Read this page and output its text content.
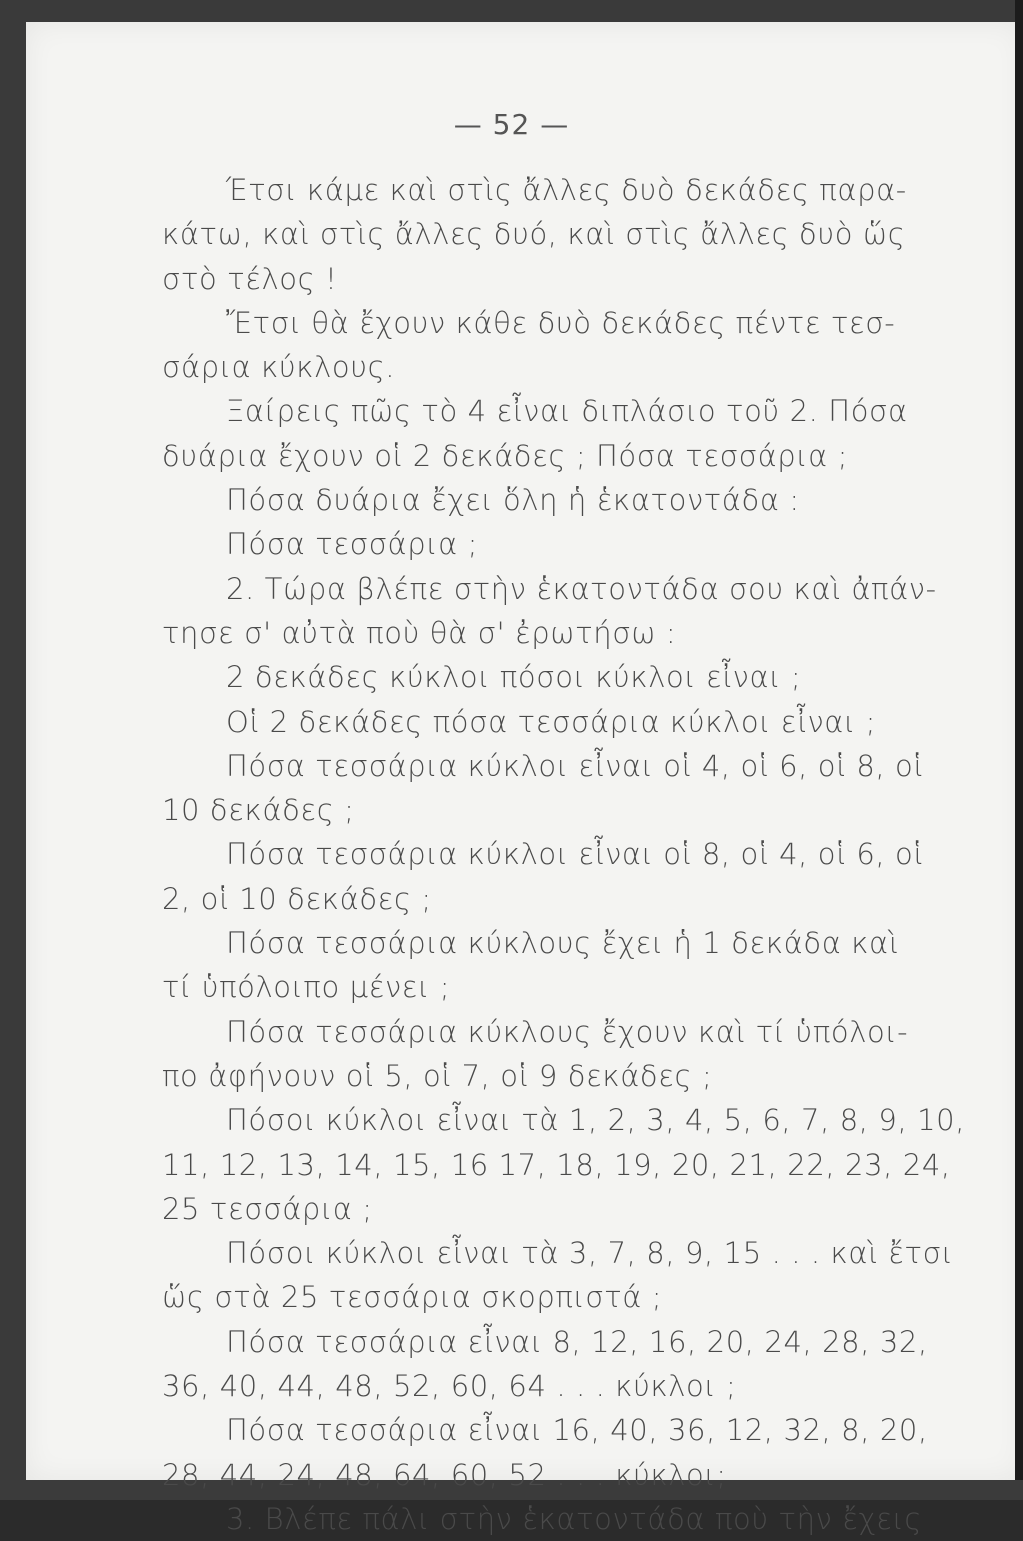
— 52 —
Έτσι κάμε καὶ στὶς ἄλλες δυὸ δεκάδες παρα-
κάτω, καὶ στὶς ἄλλες δυό, καὶ στὶς ἄλλες δυὸ ὥς
στὸ τέλος !
Ἔτσι θὰ ἔχουν κάθε δυὸ δεκάδες πέντε τεσ-
σάρια κύκλους.
Ξαίρεις πῶς τὸ 4 εἶναι διπλάσιο τοῦ 2. Πόσα
δυάρια ἔχουν οἱ 2 δεκάδες ; Πόσα τεσσάρια ;
Πόσα δυάρια ἔχει ὅλη ἡ ἑκατοντάδα :
Πόσα τεσσάρια ;
2. Τώρα βλέπε στὴν ἑκατοντάδα σου καὶ ἀπάν-
τησε σ' αὐτὰ ποὺ θὰ σ' ἐρωτήσω :
2 δεκάδες κύκλοι πόσοι κύκλοι εἶναι ;
Οἱ 2 δεκάδες πόσα τεσσάρια κύκλοι εἶναι ;
Πόσα τεσσάρια κύκλοι εἶναι οἱ 4, οἱ 6, οἱ 8, οἱ
10 δεκάδες ;
Πόσα τεσσάρια κύκλοι εἶναι οἱ 8, οἱ 4, οἱ 6, οἱ
2, οἱ 10 δεκάδες ;
Πόσα τεσσάρια κύκλους ἔχει ἡ 1 δεκάδα καὶ
τί ὑπόλοιπο μένει ;
Πόσα τεσσάρια κύκλους ἔχουν καὶ τί ὑπόλοι-
πο ἀφήνουν οἱ 5, οἱ 7, οἱ 9 δεκάδες ;
Πόσοι κύκλοι εἶναι τὰ 1, 2, 3, 4, 5, 6, 7, 8, 9, 10,
11, 12, 13, 14, 15, 16 17, 18, 19, 20, 21, 22, 23, 24,
25 τεσσάρια ;
Πόσοι κύκλοι εἶναι τὰ 3, 7, 8, 9, 15 . . . καὶ ἔτσι
ὥς στὰ 25 τεσσάρια σκορπιστά ;
Πόσα τεσσάρια εἶναι 8, 12, 16, 20, 24, 28, 32,
36, 40, 44, 48, 52, 60, 64 . . . κύκλοι ;
Πόσα τεσσάρια εἶναι 16, 40, 36, 12, 32, 8, 20,
28, 44, 24, 48, 64, 60, 52 . . . κύκλοι;
3. Βλέπε πάλι στὴν ἑκατοντάδα ποὺ τὴν ἔχεις
